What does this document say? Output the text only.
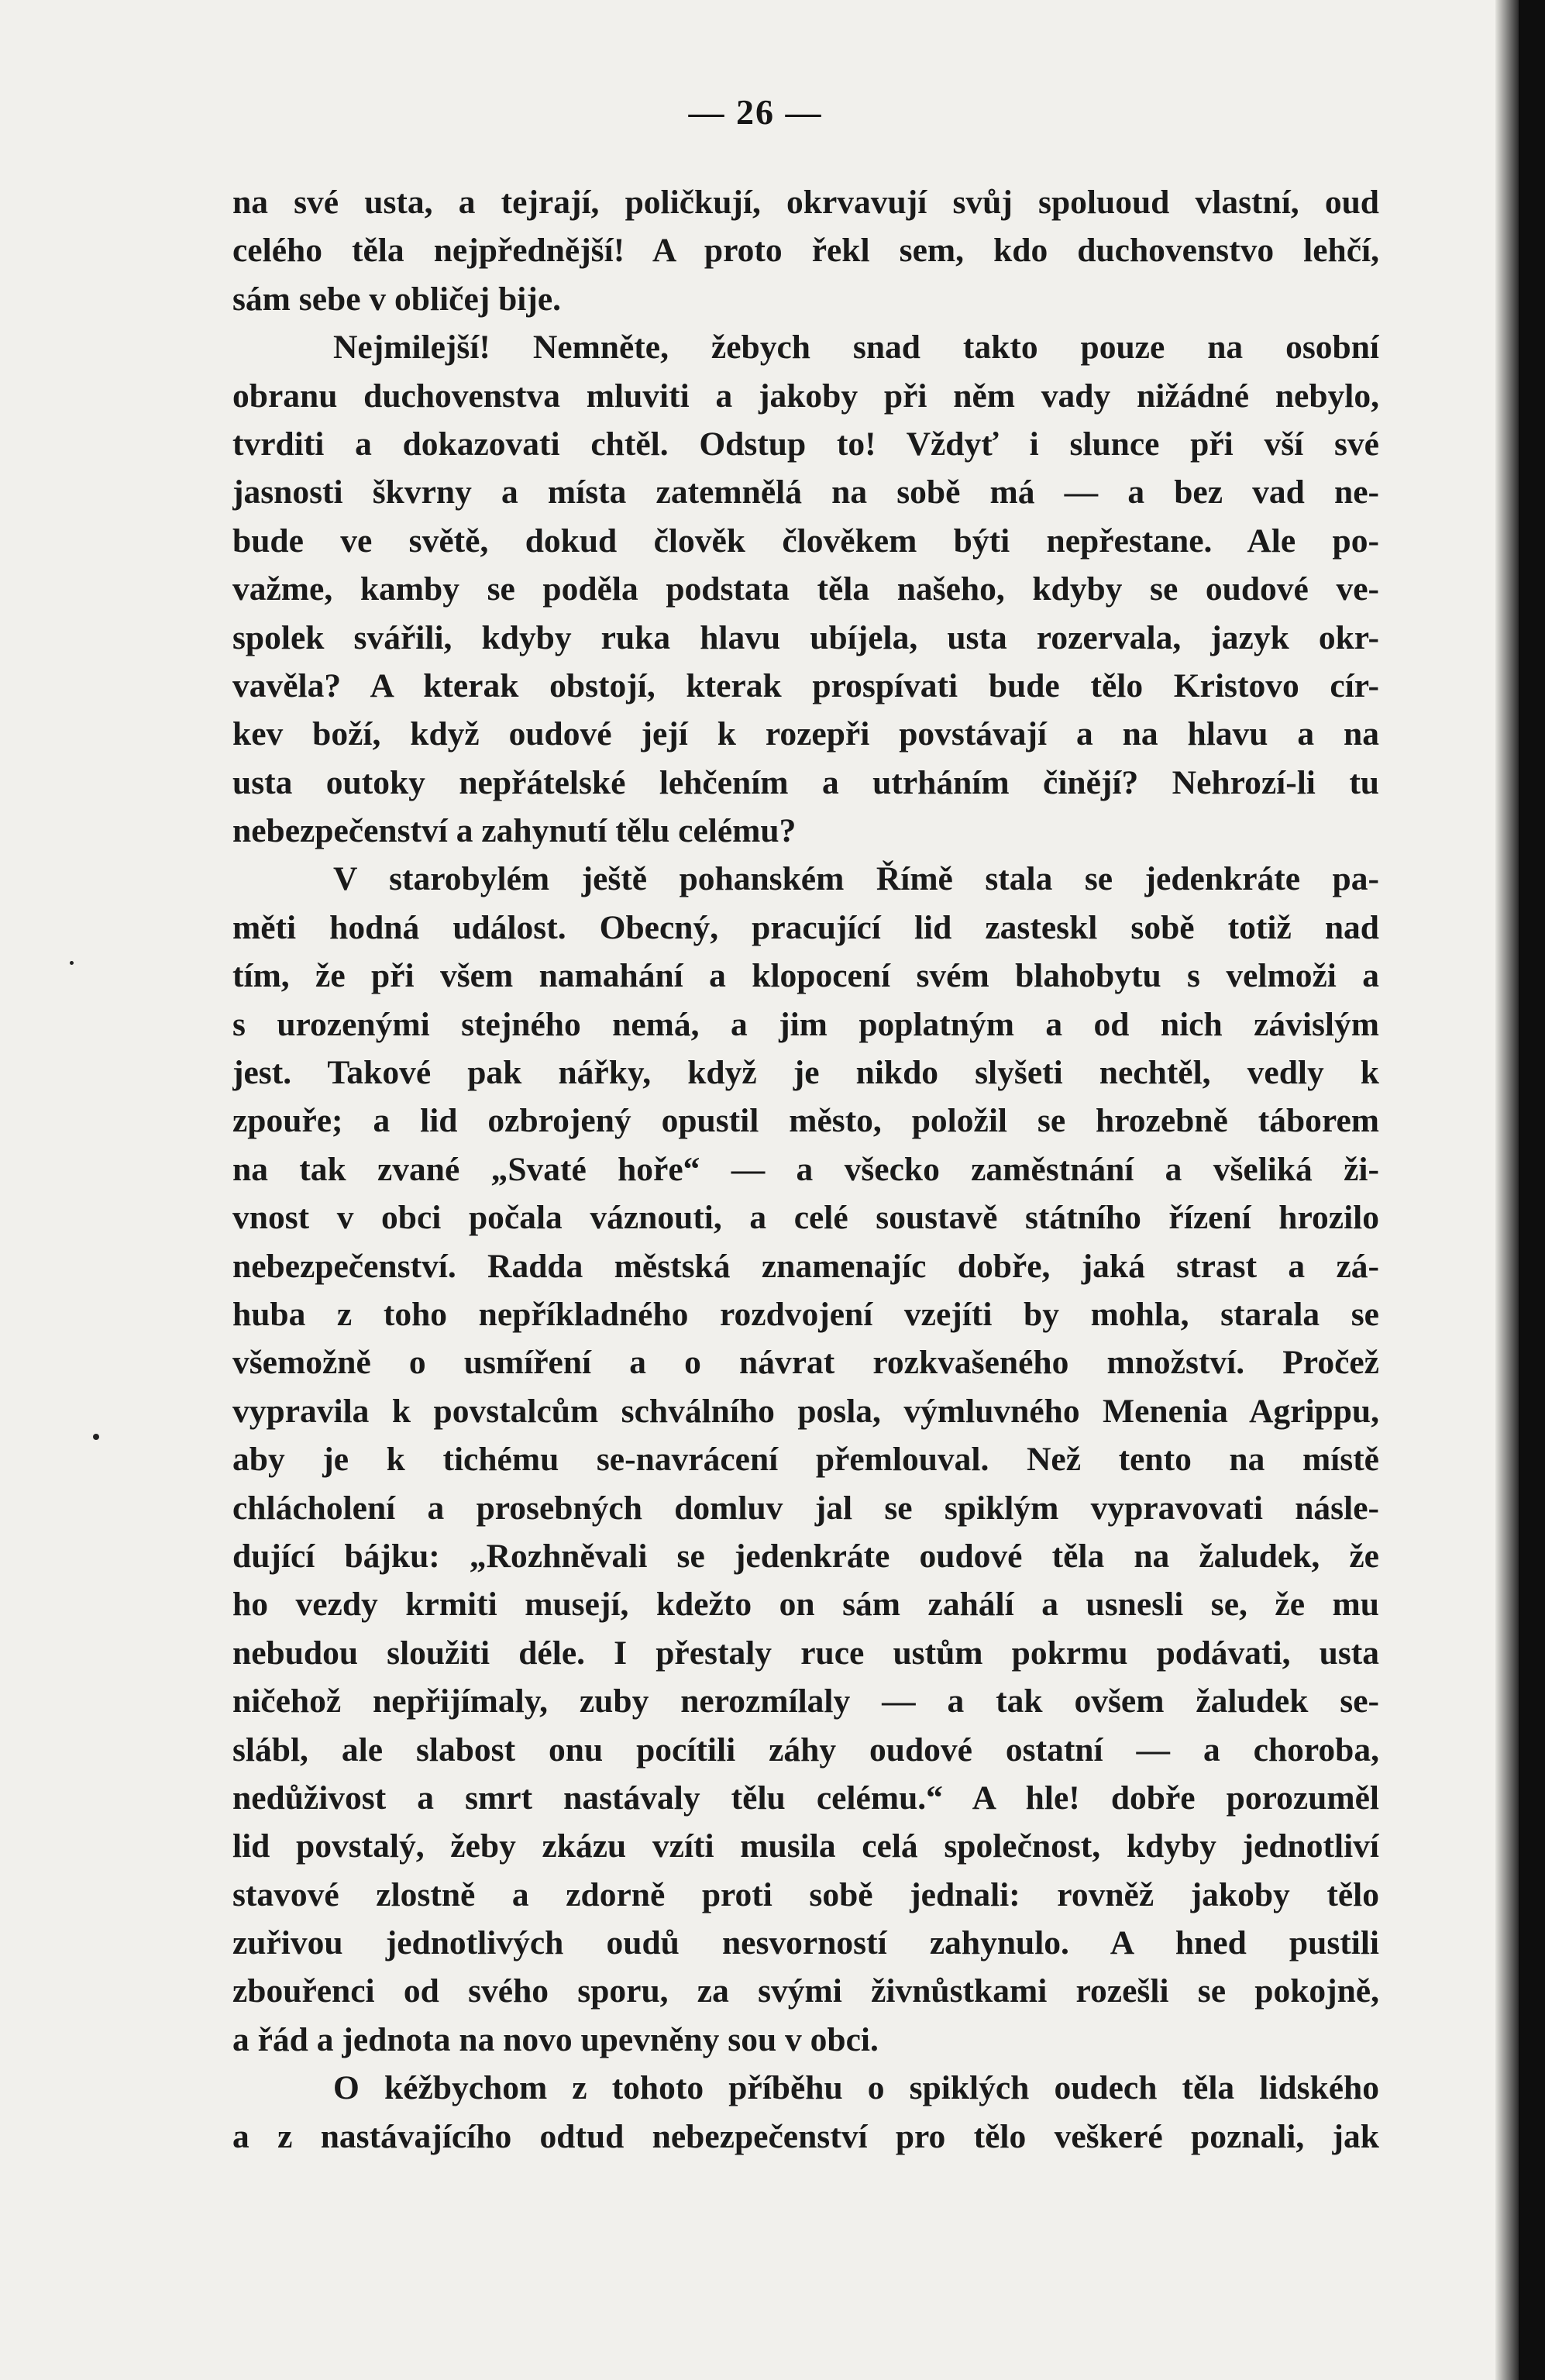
— 26 —
na své usta, a tejrají, poličkují, okrvavují svůj spoluoud vlastní, oud
celého těla nejpřednější! A proto řekl sem, kdo duchovenstvo lehčí,
sám sebe v obličej bije.
Nejmilejší! Nemněte, žebych snad takto pouze na osobní
obranu duchovenstva mluviti a jakoby při něm vady nižádné nebylo,
tvrditi a dokazovati chtěl. Odstup to! Vždyť i slunce při vší své
jasnosti škvrny a místa zatemnělá na sobě má — a bez vad ne-
bude ve světě, dokud člověk člověkem býti nepřestane. Ale po-
važme, kamby se poděla podstata těla našeho, kdyby se oudové ve-
spolek svářili, kdyby ruka hlavu ubíjela, usta rozervala, jazyk okr-
vavěla? A kterak obstojí, kterak prospívati bude tělo Kristovo cír-
kev boží, když oudové její k rozepři povstávají a na hlavu a na
usta outoky nepřátelské lehčením a utrháním činějí? Nehrozí-li tu
nebezpečenství a zahynutí tělu celému?
V starobylém ještě pohanském Římě stala se jedenkráte pa-
měti hodná událost. Obecný, pracující lid zasteskl sobě totiž nad
tím, že při všem namahání a klopocení svém blahobytu s velmoži a
s urozenými stejného nemá, a jim poplatným a od nich závislým
jest. Takové pak nářky, když je nikdo slyšeti nechtěl, vedly k
zpouře; a lid ozbrojený opustil město, položil se hrozebně táborem
na tak zvané „Svaté hoře“ — a všecko zaměstnání a všeliká ži-
vnost v obci počala váznouti, a celé soustavě státního řízení hrozilo
nebezpečenství. Radda městská znamenajíc dobře, jaká strast a zá-
huba z toho nepříkladného rozdvojení vzejíti by mohla, starala se
všemožně o usmíření a o návrat rozkvašeného množství. Pročež
vypravila k povstalcům schválního posla, výmluvného Menenia Agrippu,
aby je k tichému se-navrácení přemlouval. Než tento na místě
chlácholení a prosebných domluv jal se spiklým vypravovati násle-
dující bájku: „Rozhněvali se jedenkráte oudové těla na žaludek, že
ho vezdy krmiti musejí, kdežto on sám zahálí a usnesli se, že mu
nebudou sloužiti déle. I přestaly ruce ustům pokrmu podávati, usta
ničehož nepřijímaly, zuby nerozmílaly — a tak ovšem žaludek se-
slábl, ale slabost onu pocítili záhy oudové ostatní — a choroba,
nedůživost a smrt nastávaly tělu celému.“ A hle! dobře porozuměl
lid povstalý, žeby zkázu vzíti musila celá společnost, kdyby jednotliví
stavové zlostně a zdorně proti sobě jednali: rovněž jakoby tělo
zuřivou jednotlivých oudů nesvorností zahynulo. A hned pustili
zbouřenci od svého sporu, za svými živnůstkami rozešli se pokojně,
a řád a jednota na novo upevněny sou v obci.
O kéžbychom z tohoto příběhu o spiklých oudech těla lidského
a z nastávajícího odtud nebezpečenství pro tělo veškeré poznali, jak
